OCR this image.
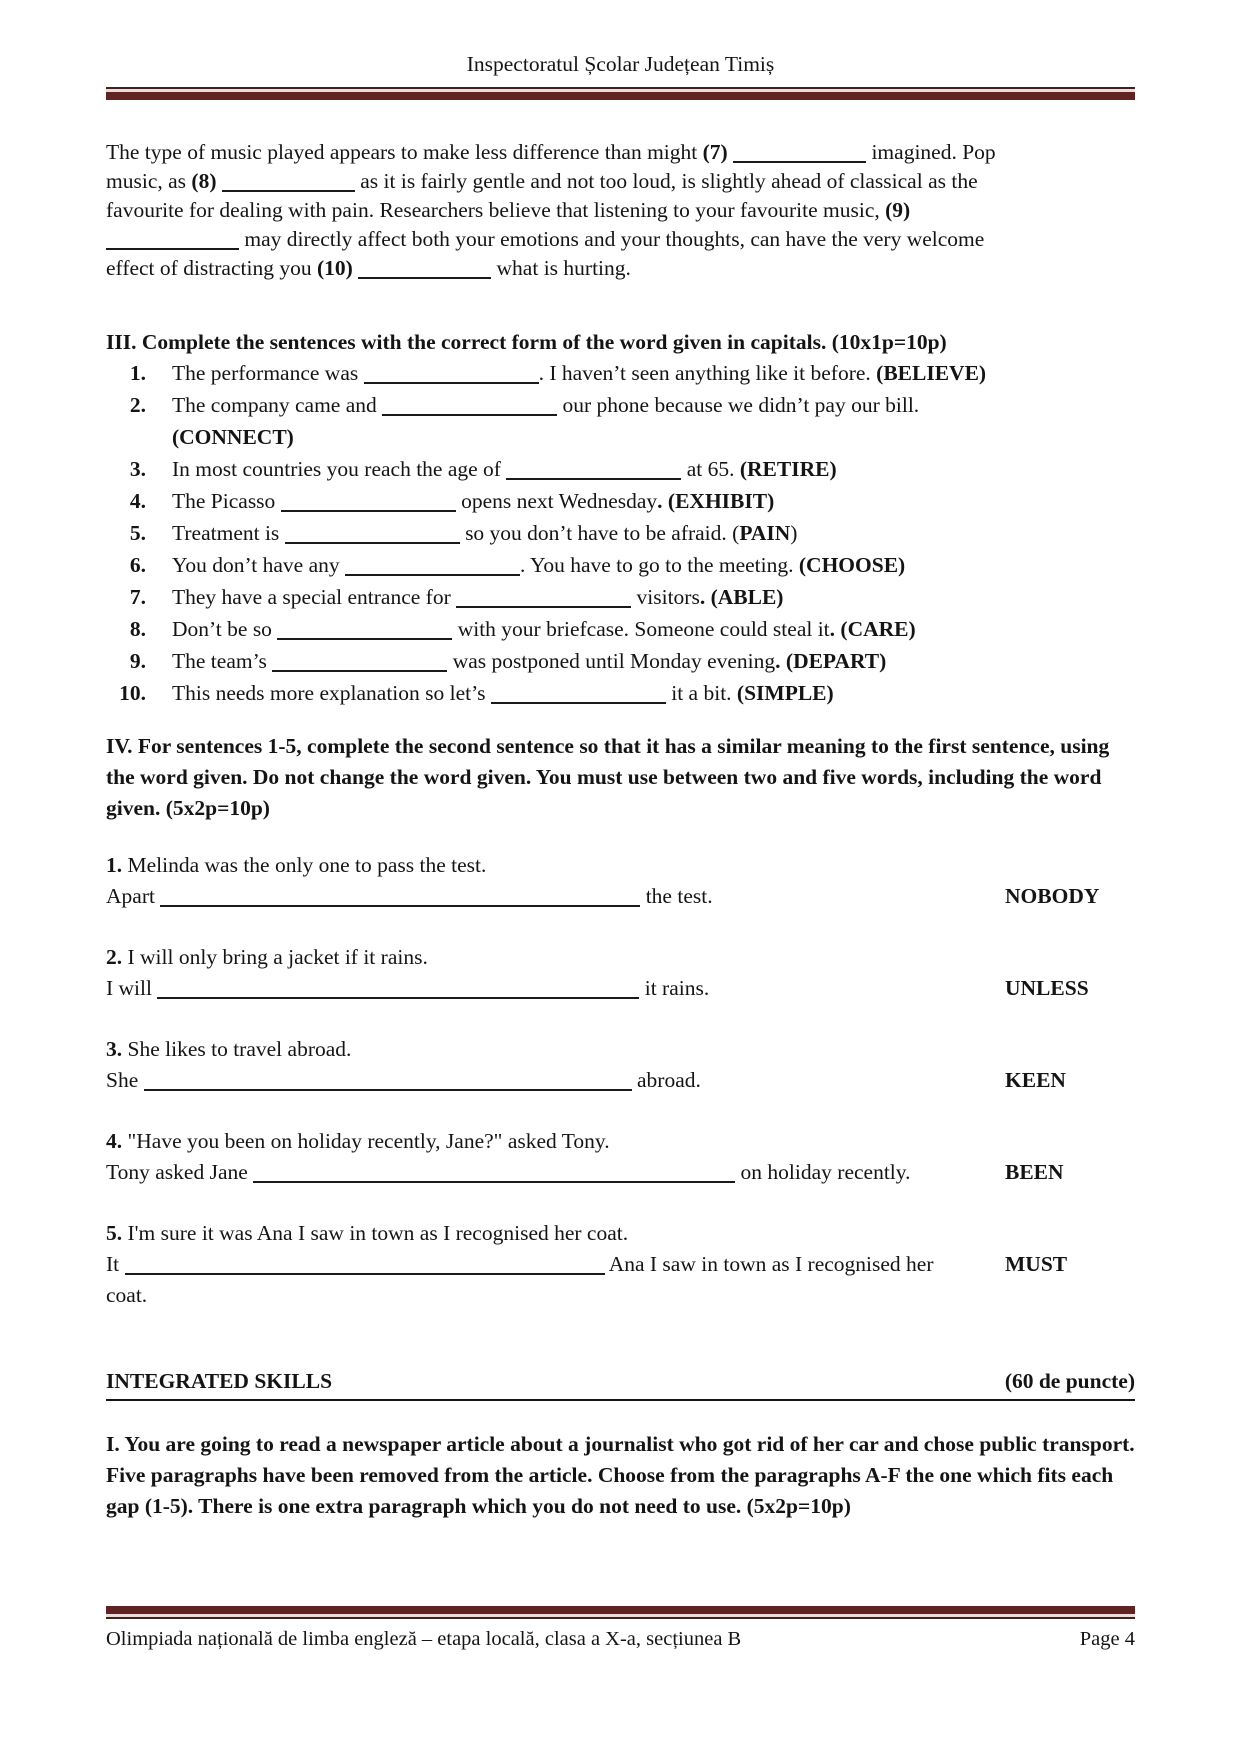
Inspectoratul Școlar Județean Timiș
The type of music played appears to make less difference than might (7)	imagined. Pop
music, as (8)	as it is fairly gentle and not too loud, is slightly ahead of classical as the
favourite for dealing with pain. Researchers believe that listening to your favourite music, (9)
may directly affect both your emotions and your thoughts, can have the very welcome
effect of distracting you (10)	what is hurting.
III. Complete the sentences with the correct form of the word given in capitals. (10x1p=10p)
1. The performance was	. I haven’t seen anything like it before. (BELIEVE)
2. The company came and	our phone because we didn’t pay our bill.
(CONNECT)
3. In most countries you reach the age of	at 65. (RETIRE)
4. The Picasso	opens next Wednesday. (EXHIBIT)
5. Treatment is	so you don’t have to be afraid. (PAIN)
6. You don’t have any	. You have to go to the meeting. (CHOOSE)
7. They have a special entrance for	visitors. (ABLE)
8. Don’t be so	with your briefcase. Someone could steal it. (CARE)
9. The team’s	was postponed until Monday evening. (DEPART)
10. This needs more explanation so let’s	it a bit. (SIMPLE)
IV. For sentences 1-5, complete the second sentence so that it has a similar meaning to the first sentence, using the word given. Do not change the word given. You must use between two and five words, including the word given. (5x2p=10p)
1. Melinda was the only one to pass the test.
Apart	the test.	NOBODY
2. I will only bring a jacket if it rains.
I will	it rains.	UNLESS
3. She likes to travel abroad.
She	abroad.	KEEN
4. "Have you been on holiday recently, Jane?" asked Tony.
Tony asked Jane	on holiday recently.	BEEN
5. I'm sure it was Ana I saw in town as I recognised her coat.
It	Ana I saw in town as I recognised her
coat.
MUST
INTEGRATED SKILLS	(60 de puncte)
I. You are going to read a newspaper article about a journalist who got rid of her car and chose public transport. Five paragraphs have been removed from the article. Choose from the paragraphs A-F the one which fits each gap (1-5). There is one extra paragraph which you do not need to use. (5x2p=10p)
Olimpiada națională de limba engleză – etapa locală, clasa a X-a, secțiunea B	Page 4
